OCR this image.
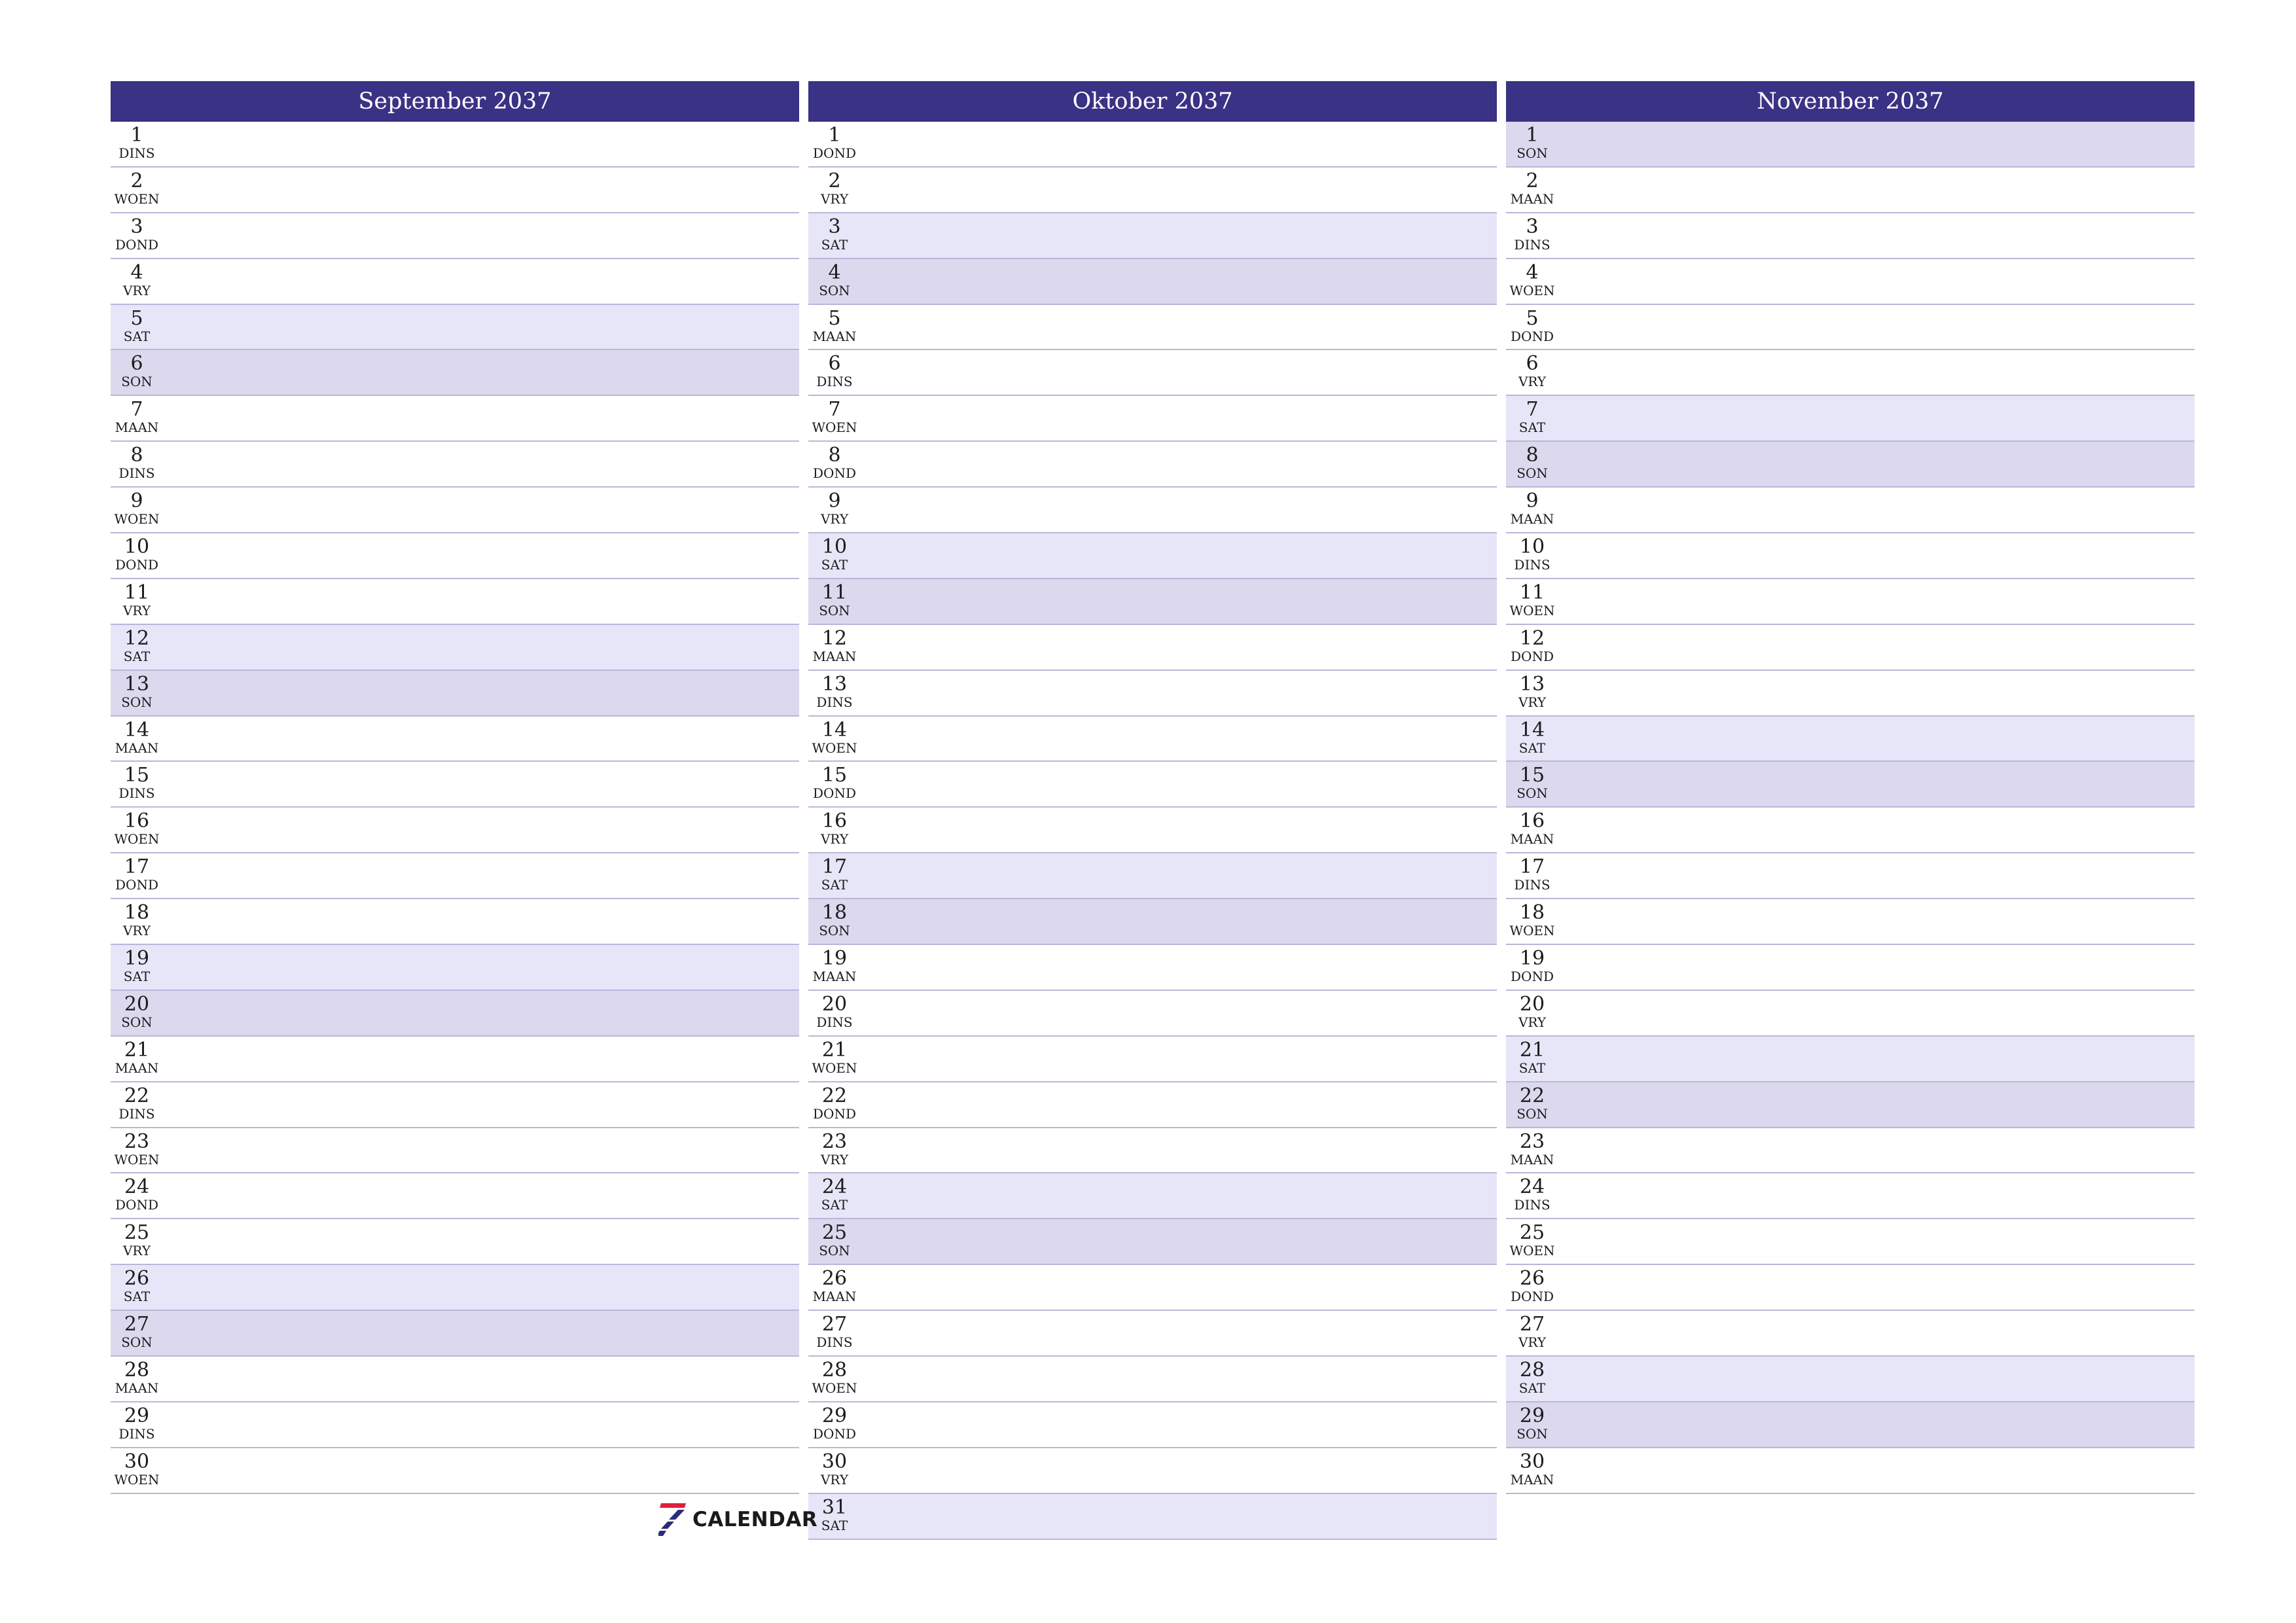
September 2037
1
DINS
2
WOEN
3
DOND
4
VRY
5
SAT
6
SON
7
MAAN
8
DINS
9
WOEN
10
DOND
11
VRY
12
SAT
13
SON
14
MAAN
15
DINS
16
WOEN
17
DOND
18
VRY
19
SAT
20
SON
21
MAAN
22
DINS
23
WOEN
24
DOND
25
VRY
26
SAT
27
SON
28
MAAN
29
DINS
30
WOEN
Oktober 2037
1
DOND
2
VRY
3
SAT
4
SON
5
MAAN
6
DINS
7
WOEN
8
DOND
9
VRY
10
SAT
11
SON
12
MAAN
13
DINS
14
WOEN
15
DOND
16
VRY
17
SAT
18
SON
19
MAAN
20
DINS
21
WOEN
22
DOND
23
VRY
24
SAT
25
SON
26
MAAN
27
DINS
28
WOEN
29
DOND
30
VRY
31
SAT
November 2037
1
SON
2
MAAN
3
DINS
4
WOEN
5
DOND
6
VRY
7
SAT
8
SON
9
MAAN
10
DINS
11
WOEN
12
DOND
13
VRY
14
SAT
15
SON
16
MAAN
17
DINS
18
WOEN
19
DOND
20
VRY
21
SAT
22
SON
23
MAAN
24
DINS
25
WOEN
26
DOND
27
VRY
28
SAT
29
SON
30
MAAN
CALENDAR
